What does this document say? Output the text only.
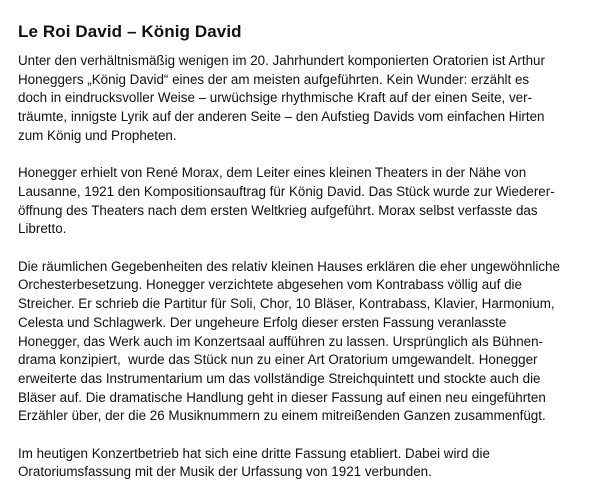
Le Roi David – König David
Unter den verhältnismäßig wenigen im 20. Jahrhundert komponierten Oratorien ist Arthur
Honeggers „König David“ eines der am meisten aufgeführten. Kein Wunder: erzählt es
doch in eindrucksvoller Weise – urwüchsige rhythmische Kraft auf der einen Seite, ver-
träumte, innigste Lyrik auf der anderen Seite – den Aufstieg Davids vom einfachen Hirten
zum König und Propheten.
Honegger erhielt von René Morax, dem Leiter eines kleinen Theaters in der Nähe von
Lausanne, 1921 den Kompositionsauftrag für König David. Das Stück wurde zur Wiederer-
öffnung des Theaters nach dem ersten Weltkrieg aufgeführt. Morax selbst verfasste das
Libretto.
Die räumlichen Gegebenheiten des relativ kleinen Hauses erklären die eher ungewöhnliche
Orchesterbesetzung. Honegger verzichtete abgesehen vom Kontrabass völlig auf die
Streicher. Er schrieb die Partitur für Soli, Chor, 10 Bläser, Kontrabass, Klavier, Harmonium,
Celesta und Schlagwerk. Der ungeheure Erfolg dieser ersten Fassung veranlasste
Honegger, das Werk auch im Konzertsaal aufführen zu lassen. Ursprünglich als Bühnen-
drama konzipiert,  wurde das Stück nun zu einer Art Oratorium umgewandelt. Honegger
erweiterte das Instrumentarium um das vollständige Streichquintett und stockte auch die
Bläser auf. Die dramatische Handlung geht in dieser Fassung auf einen neu eingeführten
Erzähler über, der die 26 Musiknummern zu einem mitreißenden Ganzen zusammenfügt.
Im heutigen Konzertbetrieb hat sich eine dritte Fassung etabliert. Dabei wird die
Oratoriumsfassung mit der Musik der Urfassung von 1921 verbunden.
